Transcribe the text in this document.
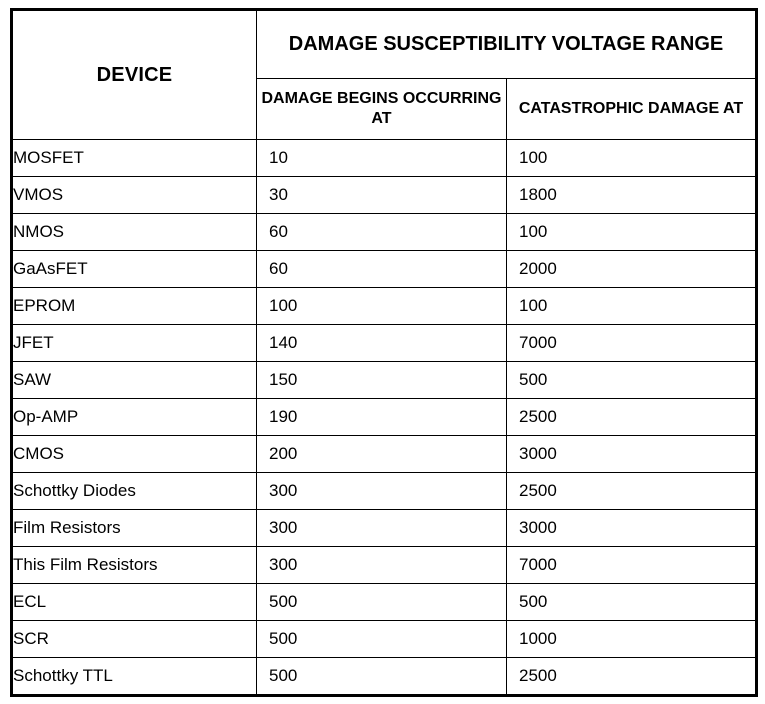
DEVICE	DAMAGE SUSCEPTIBILITY VOLTAGE RANGE	
	DAMAGE BEGINS OCCURRING AT	CATASTROPHIC DAMAGE AT
MOSFET	10	100
VMOS	30	1800
NMOS	60	100
GaAsFET	60	2000
EPROM	100	100
JFET	140	7000
SAW	150	500
Op-AMP	190	2500
CMOS	200	3000
Schottky Diodes	300	2500
Film Resistors	300	3000
This Film Resistors	300	7000
ECL	500	500
SCR	500	1000
Schottky TTL	500	2500
